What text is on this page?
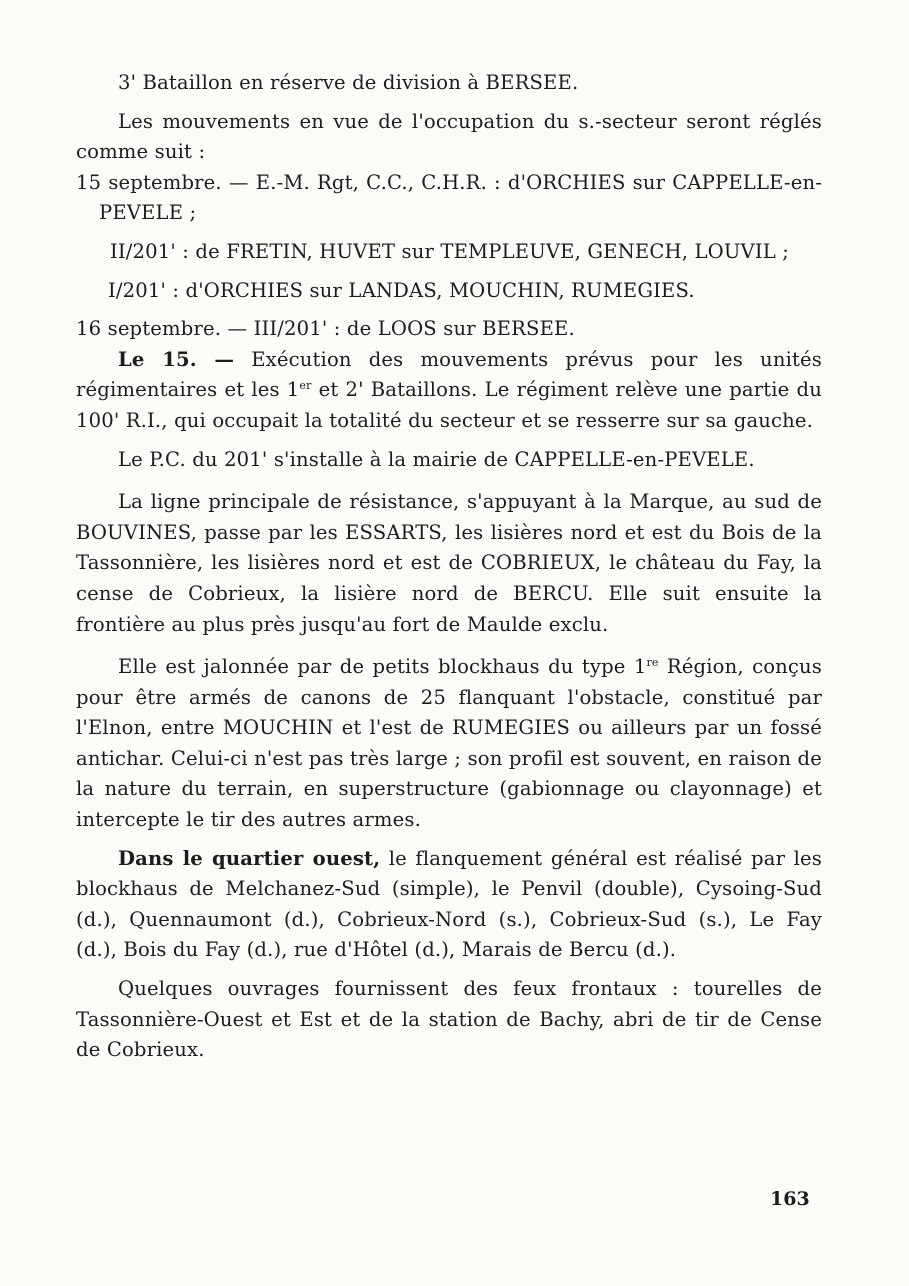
3' Bataillon en réserve de division à BERSEE.

Les mouvements en vue de l'occupation du s.-secteur seront réglés comme suit :

15 septembre. — E.-M. Rgt, C.C., C.H.R. : d'ORCHIES sur CAPPELLE-en-PEVELE ;

II/201' : de FRETIN, HUVET sur TEMPLEUVE, GENECH, LOUVIL ;

I/201' : d'ORCHIES sur LANDAS, MOUCHIN, RUMEGIES.

16 septembre. — III/201' : de LOOS sur BERSEE.

Le 15. — Exécution des mouvements prévus pour les unités régimentaires et les 1er et 2' Bataillons. Le régiment relève une partie du 100' R.I., qui occupait la totalité du secteur et se resserre sur sa gauche.

Le P.C. du 201' s'installe à la mairie de CAPPELLE-en-PEVELE.

La ligne principale de résistance, s'appuyant à la Marque, au sud de BOUVINES, passe par les ESSARTS, les lisières nord et est du Bois de la Tassonnière, les lisières nord et est de COBRIEUX, le château du Fay, la cense de Cobrieux, la lisière nord de BERCU. Elle suit ensuite la frontière au plus près jusqu'au fort de Maulde exclu.

Elle est jalonnée par de petits blockhaus du type 1re Région, conçus pour être armés de canons de 25 flanquant l'obstacle, constitué par l'Elnon, entre MOUCHIN et l'est de RUMEGIES ou ailleurs par un fossé antichar. Celui-ci n'est pas très large ; son profil est souvent, en raison de la nature du terrain, en superstructure (gabionnage ou clayonnage) et intercepte le tir des autres armes.

Dans le quartier ouest, le flanquement général est réalisé par les blockhaus de Melchanez-Sud (simple), le Penvil (double), Cysoing-Sud (d.), Quennaumont (d.), Cobrieux-Nord (s.), Cobrieux-Sud (s.), Le Fay (d.), Bois du Fay (d.), rue d'Hôtel (d.), Marais de Bercu (d.).

Quelques ouvrages fournissent des feux frontaux : tourelles de Tassonnière-Ouest et Est et de la station de Bachy, abri de tir de Cense de Cobrieux.

163
